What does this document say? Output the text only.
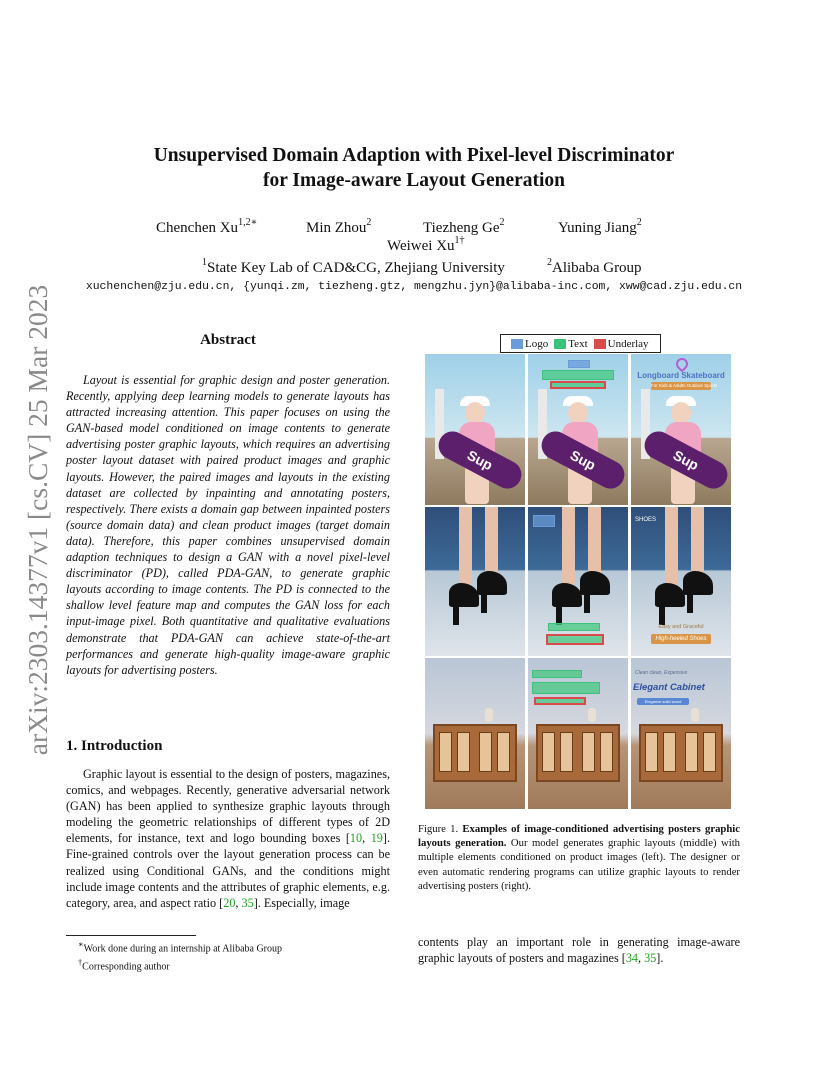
arXiv:2303.14377v1 [cs.CV] 25 Mar 2023
Unsupervised Domain Adaption with Pixel-level Discriminator
for Image-aware Layout Generation
Chenchen $Xu^{1,2∗}$	Min Zhou$^2$	Tiezheng Ge$^2$	Yuning Jiang$^2$
Weiwei $Xu^{1\dagger}$
$^1$State Key Lab of CAD&CG, Zhejiang University	$^2$Alibaba Group
xuchenchen@zju.edu.cn, {yunqi.zm, tiezheng.gtz, mengzhu.jyn}@alibaba-inc.com, xww@cad.zju.edu.cn
Abstract
Layout is essential for graphic design and poster generation. Recently, applying deep learning models to generate layouts has attracted increasing attention. This paper focuses on using the GAN-based model conditioned on image contents to generate advertising poster graphic layouts, which requires an advertising poster layout dataset with paired product images and graphic layouts. However, the paired images and layouts in the existing dataset are collected by inpainting and annotating posters, respectively. There exists a domain gap between inpainted posters (source domain data) and clean product images (target domain data). Therefore, this paper combines unsupervised domain adaption techniques to design a GAN with a novel pixel-level discriminator (PD), called PDA-GAN, to generate graphic layouts according to image contents. The PD is connected to the shallow level feature map and computes the GAN loss for each input-image pixel. Both quantitative and qualitative evaluations demonstrate that PDA-GAN can achieve state-of-the-art performances and generate high-quality image-aware graphic layouts for advertising posters.
1. Introduction
Graphic layout is essential to the design of posters, magazines, comics, and webpages. Recently, generative adversarial network (GAN) has been applied to synthesize graphic layouts through modeling the geometric relationships of different types of 2D elements, for instance, text and logo bounding boxes [10, 19]. Fine-grained controls over the layout generation process can be realized using Conditional GANs, and the conditions might include image contents and the attributes of graphic elements, e.g. category, area, and aspect ratio [20, 35]. Especially, image
∗Work done during an internship at Alibaba Group
†Corresponding author
Logo Text Underlay
Sup	Sup	Sup
Longboard Skateboard
For Kids & Adults Outdoor Sports
SHOES
Easy and Graceful
High-heeled Shoes
Clean clean, Expensive
Elegant Cabinet
Elegance solid wood
Figure 1. Examples of image-conditioned advertising posters graphic layouts generation. Our model generates graphic layouts (middle) with multiple elements conditioned on product images (left). The designer or even automatic rendering programs can utilize graphic layouts to render advertising posters (right).
contents play an important role in generating image-aware graphic layouts of posters and magazines [34, 35].
